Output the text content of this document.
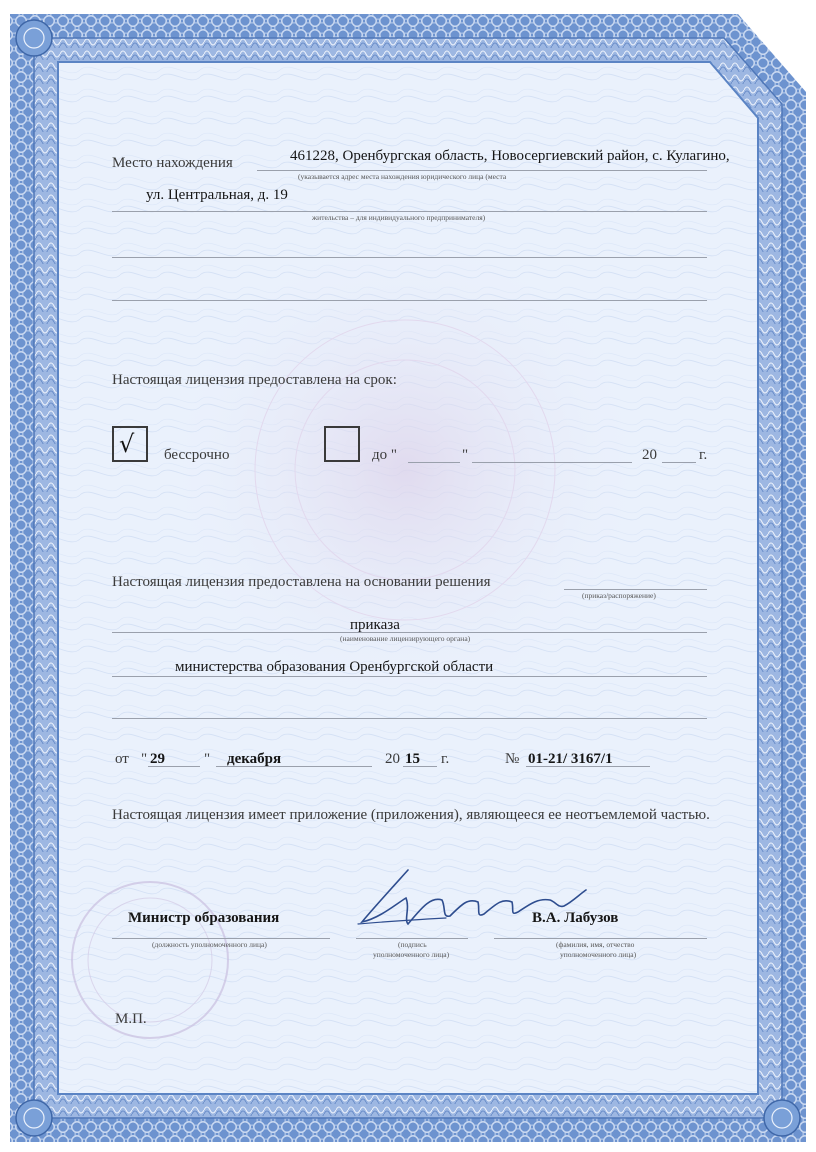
Место нахождения	461228, Оренбургская область, Новосергиевский район, с. Кулагино,
(указывается адрес места нахождения юридического лица (места
ул. Центральная, д. 19
жительства – для индивидуального предпринимателя)
Настоящая лицензия предоставлена на срок:
√ бессрочно	до "	"	20	г.
Настоящая лицензия предоставлена на основании решения
(приказ/распоряжение)
приказа
(наименование лицензирующего органа)
министерства образования Оренбургской области
от " 29	" декабря	20 15 г.	№ 01-21/ 3167/1
Настоящая лицензия имеет приложение (приложения), являющееся ее неотъемлемой частью.
Министр образования
(должность уполномоченного лица)	(подпись
уполномоченного лица)
В.А. Лабузов
(фамилия, имя, отчество
уполномоченного лица)
М.П.
